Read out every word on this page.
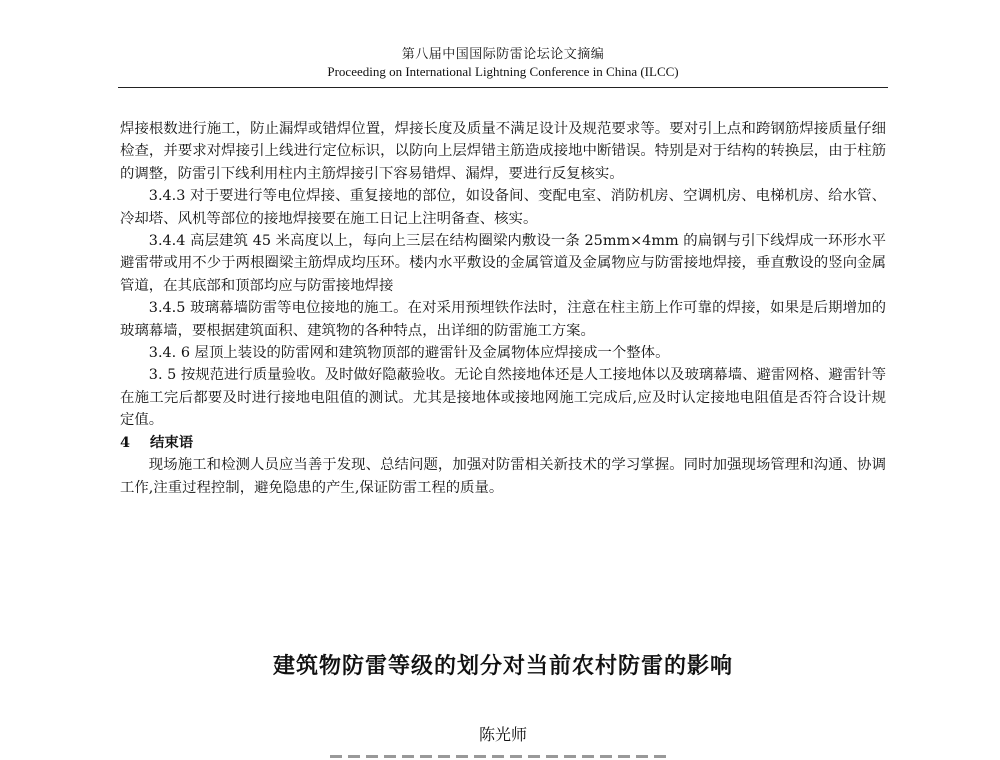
第八届中国国际防雷论坛论文摘编
Proceeding on International Lightning Conference in China (ILCC)

焊接根数进行施工，防止漏焊或错焊位置，焊接长度及质量不满足设计及规范要求等。要对引上点和跨钢筋焊接质量仔细检查，并要求对焊接引上线进行定位标识，以防向上层焊错主筋造成接地中断错误。特别是对于结构的转换层，由于柱筋的调整，防雷引下线利用柱内主筋焊接引下容易错焊、漏焊，要进行反复核实。

3.4.3 对于要进行等电位焊接、重复接地的部位，如设备间、变配电室、消防机房、空调机房、电梯机房、给水管、冷却塔、风机等部位的接地焊接要在施工日记上注明备查、核实。

3.4.4 高层建筑 45 米高度以上，每向上三层在结构圈梁内敷设一条 25mm×4mm 的扁钢与引下线焊成一环形水平避雷带或用不少于两根圈梁主筋焊成均压环。楼内水平敷设的金属管道及金属物应与防雷接地焊接，垂直敷设的竖向金属管道，在其底部和顶部均应与防雷接地焊接

3.4.5 玻璃幕墙防雷等电位接地的施工。在对采用预埋铁作法时，注意在柱主筋上作可靠的焊接，如果是后期增加的玻璃幕墙，要根据建筑面积、建筑物的各种特点，出详细的防雷施工方案。

3.4. 6 屋顶上装设的防雷网和建筑物顶部的避雷针及金属物体应焊接成一个整体。

3. 5 按规范进行质量验收。及时做好隐蔽验收。无论自然接地体还是人工接地体以及玻璃幕墙、避雷网格、避雷针等在施工完后都要及时进行接地电阻值的测试。尤其是接地体或接地网施工完成后,应及时认定接地电阻值是否符合设计规定值。

4 结束语

现场施工和检测人员应当善于发现、总结问题，加强对防雷相关新技术的学习掌握。同时加强现场管理和沟通、协调工作,注重过程控制，避免隐患的产生,保证防雷工程的质量。

建筑物防雷等级的划分对当前农村防雷的影响
陈光师
